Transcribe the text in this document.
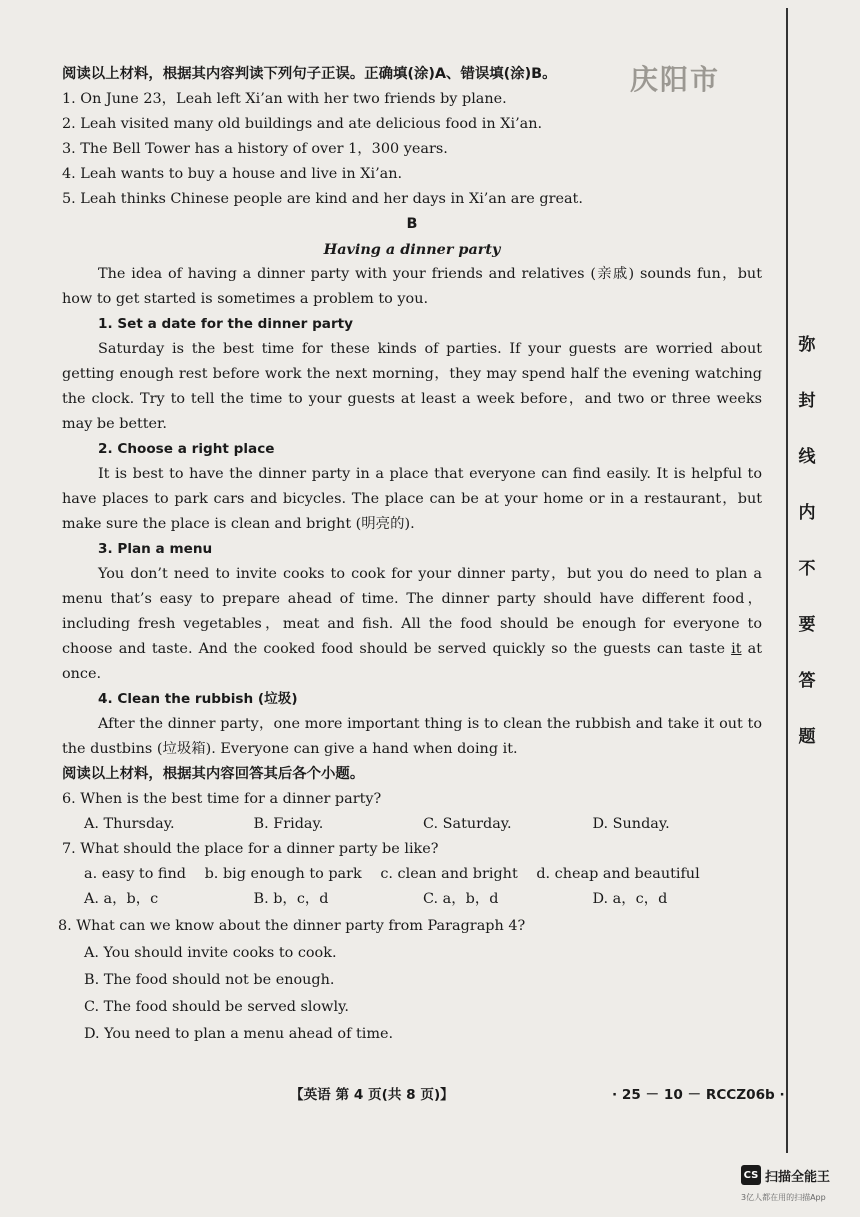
庆阳市
阅读以上材料，根据其内容判读下列句子正误。正确填(涂)A、错误填(涂)B。
1. On June 23，Leah left Xi’an with her two friends by plane.
2. Leah visited many old buildings and ate delicious food in Xi’an.
3. The Bell Tower has a history of over 1，300 years.
4. Leah wants to buy a house and live in Xi’an.
5. Leah thinks Chinese people are kind and her days in Xi’an are great.
B
Having a dinner party

The idea of having a dinner party with your friends and relatives (亲戚) sounds fun，but how to get started is sometimes a problem to you.

1. Set a date for the dinner party

Saturday is the best time for these kinds of parties. If your guests are worried about getting enough rest before work the next morning，they may spend half the evening watching the clock. Try to tell the time to your guests at least a week before，and two or three weeks may be better.

2. Choose a right place

It is best to have the dinner party in a place that everyone can find easily. It is helpful to have places to park cars and bicycles. The place can be at your home or in a restaurant，but make sure the place is clean and bright (明亮的).

3. Plan a menu

You don’t need to invite cooks to cook for your dinner party，but you do need to plan a menu that’s easy to prepare ahead of time. The dinner party should have different food，including fresh vegetables，meat and fish. All the food should be enough for everyone to choose and taste. And the cooked food should be served quickly so the guests can taste it at once.

4. Clean the rubbish (垃圾)

After the dinner party，one more important thing is to clean the rubbish and take it out to the dustbins (垃圾箱). Everyone can give a hand when doing it.

阅读以上材料，根据其内容回答其后各个小题。
6. When is the best time for a dinner party?
A. Thursday.	B. Friday.	C. Saturday.	D. Sunday.
7. What should the place for a dinner party be like?
a. easy to find b. big enough to park c. clean and bright d. cheap and beautiful
A. a，b，c	B. b，c，d	C. a，b，d	D. a，c，d
8. What can we know about the dinner party from Paragraph 4?
A. You should invite cooks to cook.
B. The food should not be enough.
C. The food should be served slowly.
D. You need to plan a menu ahead of time.
【英语 第 4 页(共 8 页)】	· 25 － 10 － RCCZ06b ·
弥
封
线
内
不
要
答
题
CS 扫描全能王
3亿人都在用的扫描App
